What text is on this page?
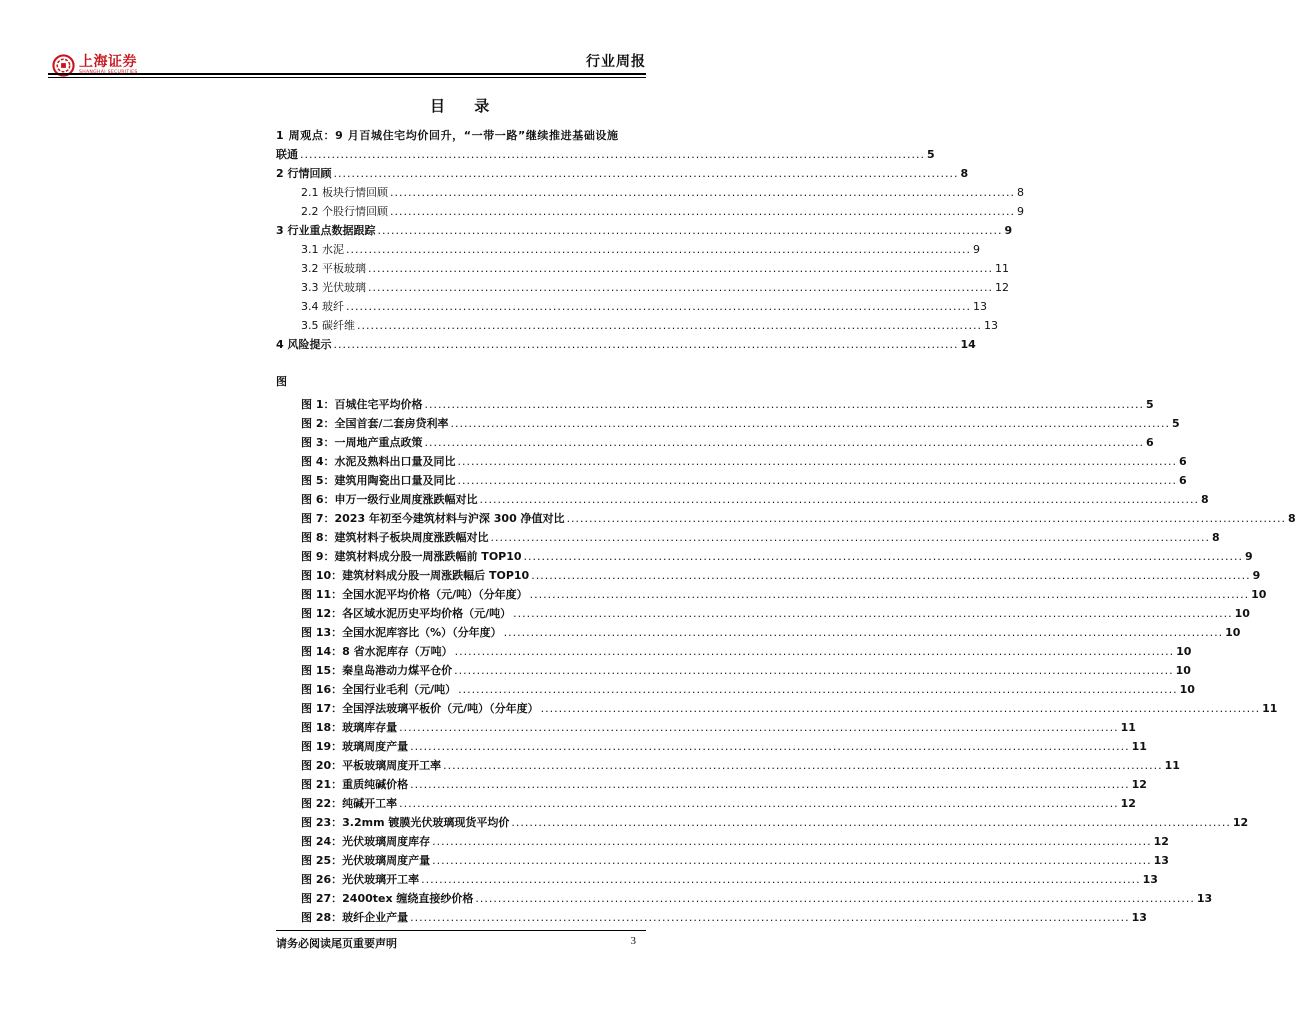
上海证券	行业周报
目 录
1 周观点：9 月百城住宅均价回升，“一带一路”继续推进基础设施
联通 ........................................................................................................................................... 5
2 行情回顾 ........................................................................................................................................... 8
2.1 板块行情回顾 ........................................................................................................................................... 8
2.2 个股行情回顾 ........................................................................................................................................... 9
3 行业重点数据跟踪 ........................................................................................................................................... 9
3.1 水泥 ........................................................................................................................................... 9
3.2 平板玻璃 ........................................................................................................................................... 11
3.3 光伏玻璃 ........................................................................................................................................... 12
3.4 玻纤 ........................................................................................................................................... 13
3.5 碳纤维 ........................................................................................................................................... 13
4 风险提示 ........................................................................................................................................... 14
图
图 1：百城住宅平均价格 ................................................................................................................................................................ 5
图 2：全国首套/二套房贷利率 ................................................................................................................................................................ 5
图 3：一周地产重点政策 ................................................................................................................................................................ 6
图 4：水泥及熟料出口量及同比 ................................................................................................................................................................ 6
图 5：建筑用陶瓷出口量及同比 ................................................................................................................................................................ 6
图 6：申万一级行业周度涨跌幅对比 ................................................................................................................................................................ 8
图 7：2023 年初至今建筑材料与沪深 300 净值对比 ................................................................................................................................................................ 8
图 8：建筑材料子板块周度涨跌幅对比 ................................................................................................................................................................ 8
图 9：建筑材料成分股一周涨跌幅前 TOP10 ................................................................................................................................................................ 9
图 10：建筑材料成分股一周涨跌幅后 TOP10 ................................................................................................................................................................ 9
图 11：全国水泥平均价格（元/吨）（分年度） ................................................................................................................................................................ 10
图 12：各区域水泥历史平均价格（元/吨） ................................................................................................................................................................ 10
图 13：全国水泥库容比（%）（分年度） ................................................................................................................................................................ 10
图 14：8 省水泥库存（万吨） ................................................................................................................................................................ 10
图 15：秦皇岛港动力煤平仓价 ................................................................................................................................................................ 10
图 16：全国行业毛利（元/吨） ................................................................................................................................................................ 10
图 17：全国浮法玻璃平板价（元/吨）（分年度） ................................................................................................................................................................ 11
图 18：玻璃库存量 ................................................................................................................................................................ 11
图 19：玻璃周度产量 ................................................................................................................................................................ 11
图 20：平板玻璃周度开工率 ................................................................................................................................................................ 11
图 21：重质纯碱价格 ................................................................................................................................................................ 12
图 22：纯碱开工率 ................................................................................................................................................................ 12
图 23：3.2mm 镀膜光伏玻璃现货平均价 ................................................................................................................................................................ 12
图 24：光伏玻璃周度库存 ................................................................................................................................................................ 12
图 25：光伏玻璃周度产量 ................................................................................................................................................................ 13
图 26：光伏玻璃开工率 ................................................................................................................................................................ 13
图 27：2400tex 缠绕直接纱价格 ................................................................................................................................................................ 13
图 28：玻纤企业产量 ................................................................................................................................................................ 13
请务必阅读尾页重要声明	3
